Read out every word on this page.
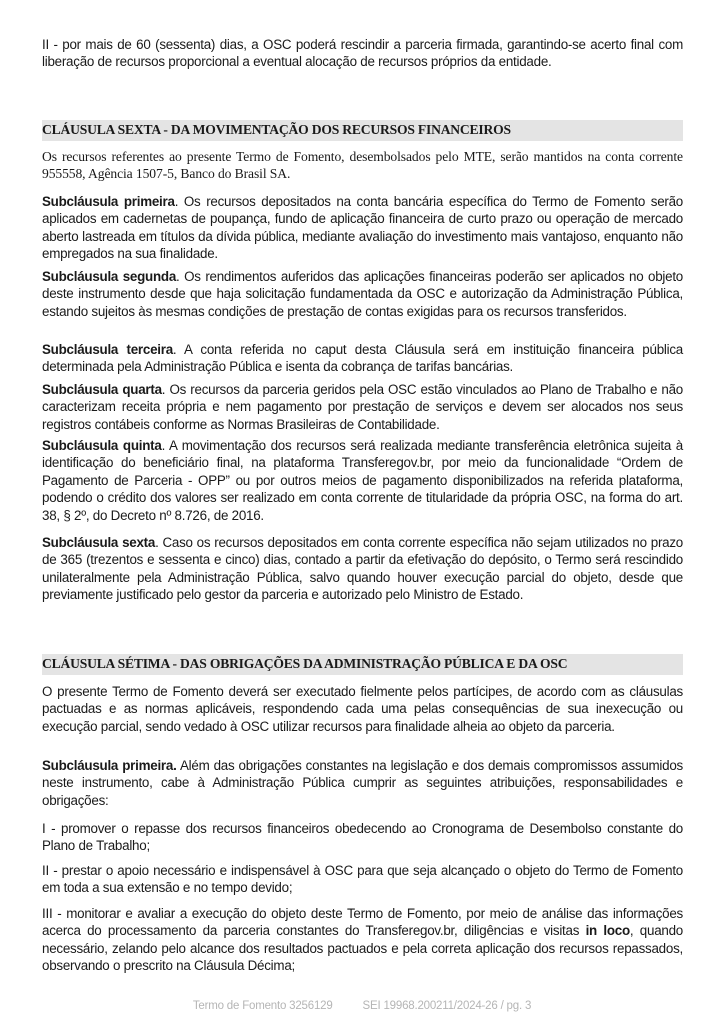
II - por mais de 60 (sessenta) dias, a OSC poderá rescindir a parceria firmada, garantindo-se acerto final com liberação de recursos proporcional a eventual alocação de recursos próprios da entidade.

CLÁUSULA SEXTA - DA MOVIMENTAÇÃO DOS RECURSOS FINANCEIROS

Os recursos referentes ao presente Termo de Fomento, desembolsados pelo MTE, serão mantidos na conta corrente 955558, Agência 1507-5, Banco do Brasil SA.

Subcláusula primeira. Os recursos depositados na conta bancária específica do Termo de Fomento serão aplicados em cadernetas de poupança, fundo de aplicação financeira de curto prazo ou operação de mercado aberto lastreada em títulos da dívida pública, mediante avaliação do investimento mais vantajoso, enquanto não empregados na sua finalidade.

Subcláusula segunda. Os rendimentos auferidos das aplicações financeiras poderão ser aplicados no objeto deste instrumento desde que haja solicitação fundamentada da OSC e autorização da Administração Pública, estando sujeitos às mesmas condições de prestação de contas exigidas para os recursos transferidos.

Subcláusula terceira. A conta referida no caput desta Cláusula será em instituição financeira pública determinada pela Administração Pública e isenta da cobrança de tarifas bancárias.

Subcláusula quarta. Os recursos da parceria geridos pela OSC estão vinculados ao Plano de Trabalho e não caracterizam receita própria e nem pagamento por prestação de serviços e devem ser alocados nos seus registros contábeis conforme as Normas Brasileiras de Contabilidade.

Subcláusula quinta. A movimentação dos recursos será realizada mediante transferência eletrônica sujeita à identificação do beneficiário final, na plataforma Transferegov.br, por meio da funcionalidade “Ordem de Pagamento de Parceria - OPP” ou por outros meios de pagamento disponibilizados na referida plataforma, podendo o crédito dos valores ser realizado em conta corrente de titularidade da própria OSC, na forma do art. 38, § 2º, do Decreto nº 8.726, de 2016.

Subcláusula sexta. Caso os recursos depositados em conta corrente específica não sejam utilizados no prazo de 365 (trezentos e sessenta e cinco) dias, contado a partir da efetivação do depósito, o Termo será rescindido unilateralmente pela Administração Pública, salvo quando houver execução parcial do objeto, desde que previamente justificado pelo gestor da parceria e autorizado pelo Ministro de Estado.

CLÁUSULA SÉTIMA - DAS OBRIGAÇÕES DA ADMINISTRAÇÃO PÚBLICA E DA OSC

O presente Termo de Fomento deverá ser executado fielmente pelos partícipes, de acordo com as cláusulas pactuadas e as normas aplicáveis, respondendo cada uma pelas consequências de sua inexecução ou execução parcial, sendo vedado à OSC utilizar recursos para finalidade alheia ao objeto da parceria.

Subcláusula primeira. Além das obrigações constantes na legislação e dos demais compromissos assumidos neste instrumento, cabe à Administração Pública cumprir as seguintes atribuições, responsabilidades e obrigações:

I - promover o repasse dos recursos financeiros obedecendo ao Cronograma de Desembolso constante do Plano de Trabalho;

II - prestar o apoio necessário e indispensável à OSC para que seja alcançado o objeto do Termo de Fomento em toda a sua extensão e no tempo devido;

III - monitorar e avaliar a execução do objeto deste Termo de Fomento, por meio de análise das informações acerca do processamento da parceria constantes do Transferegov.br, diligências e visitas in loco, quando necessário, zelando pelo alcance dos resultados pactuados e pela correta aplicação dos recursos repassados, observando o prescrito na Cláusula Décima;

Termo de Fomento 3256129	SEI 19968.200211/2024-26 / pg. 3
